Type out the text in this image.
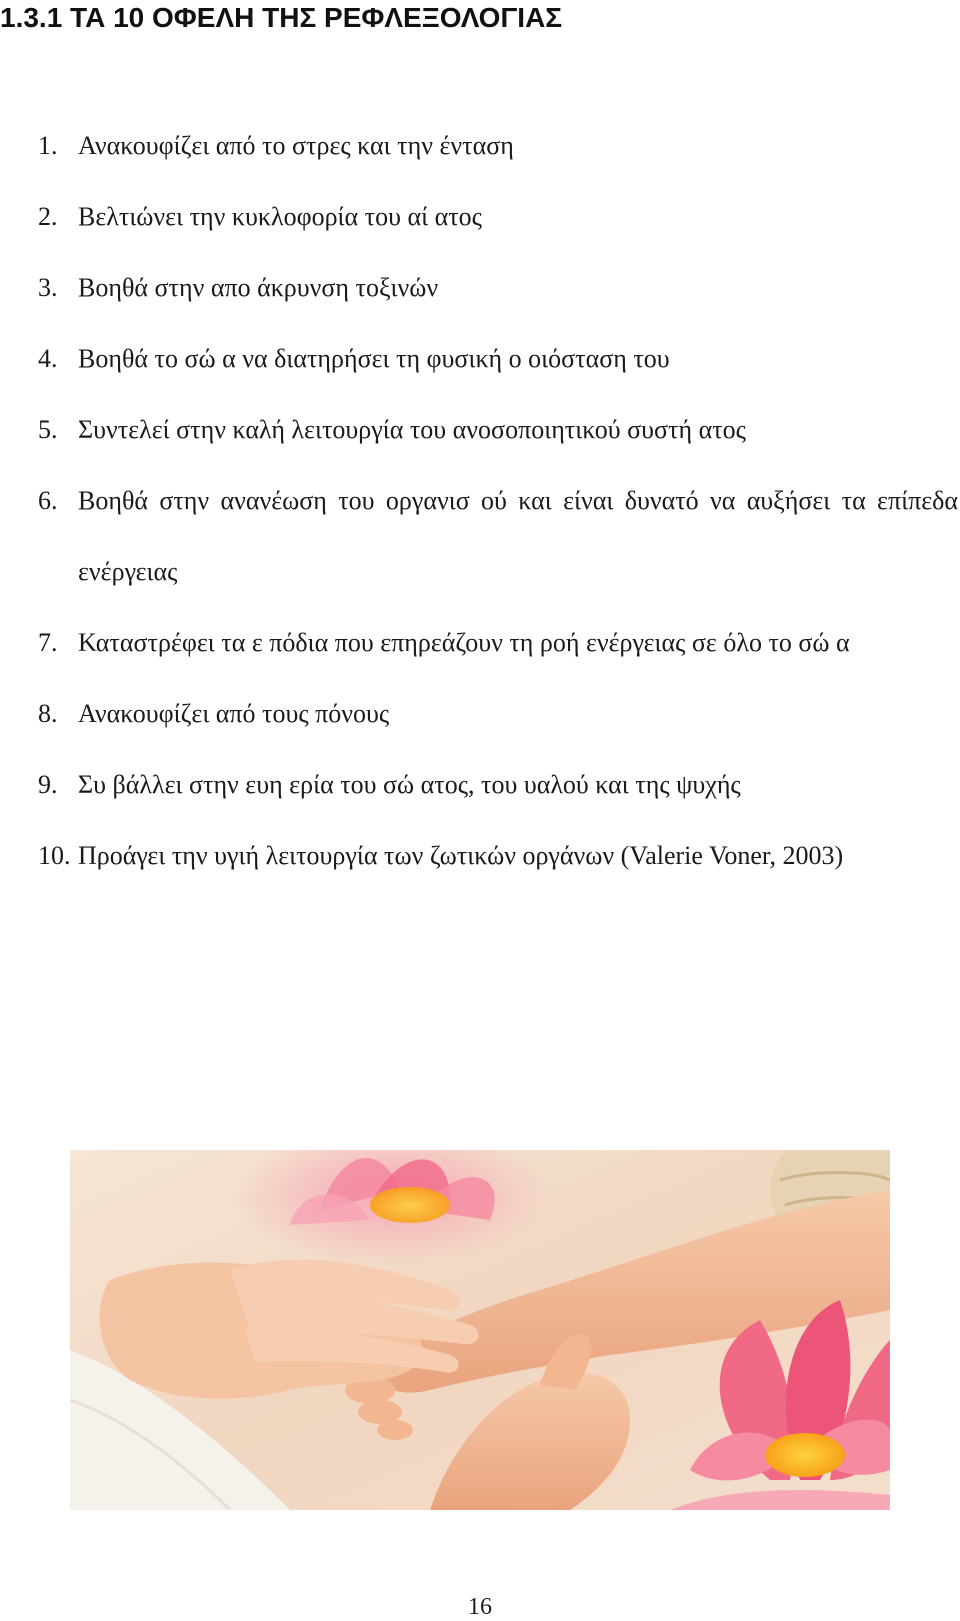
1.3.1 ΤΑ 10 ΟΦΕΛΗ ΤΗΣ ΡΕΦΛΕΞΟΛΟΓΙΑΣ
1. Ανακουφίζει από το στρες και την ένταση
2. Βελτιώνει την κυκλοφορία του αί ατος
3. Βοηθά στην απο άκρυνση τοξινών
4. Βοηθά το σώ α να διατηρήσει τη φυσική ο οιόσταση του
5. Συντελεί στην καλή λειτουργία του ανοσοποιητικού συστή ατος
6. Βοηθά στην ανανέωση του οργανισ ού και είναι δυνατό να αυξήσει τα επίπεδα ενέργειας
7. Καταστρέφει τα ε πόδια που επηρεάζουν τη ροή ενέργειας σε όλο το σώ α
8. Ανακουφίζει από τους πόνους
9. Συ βάλλει στην ευη ερία του σώ ατος, του υαλού και της ψυχής
10. Προάγει την υγιή λειτουργία των ζωτικών οργάνων (Valerie Voner, 2003)
16
